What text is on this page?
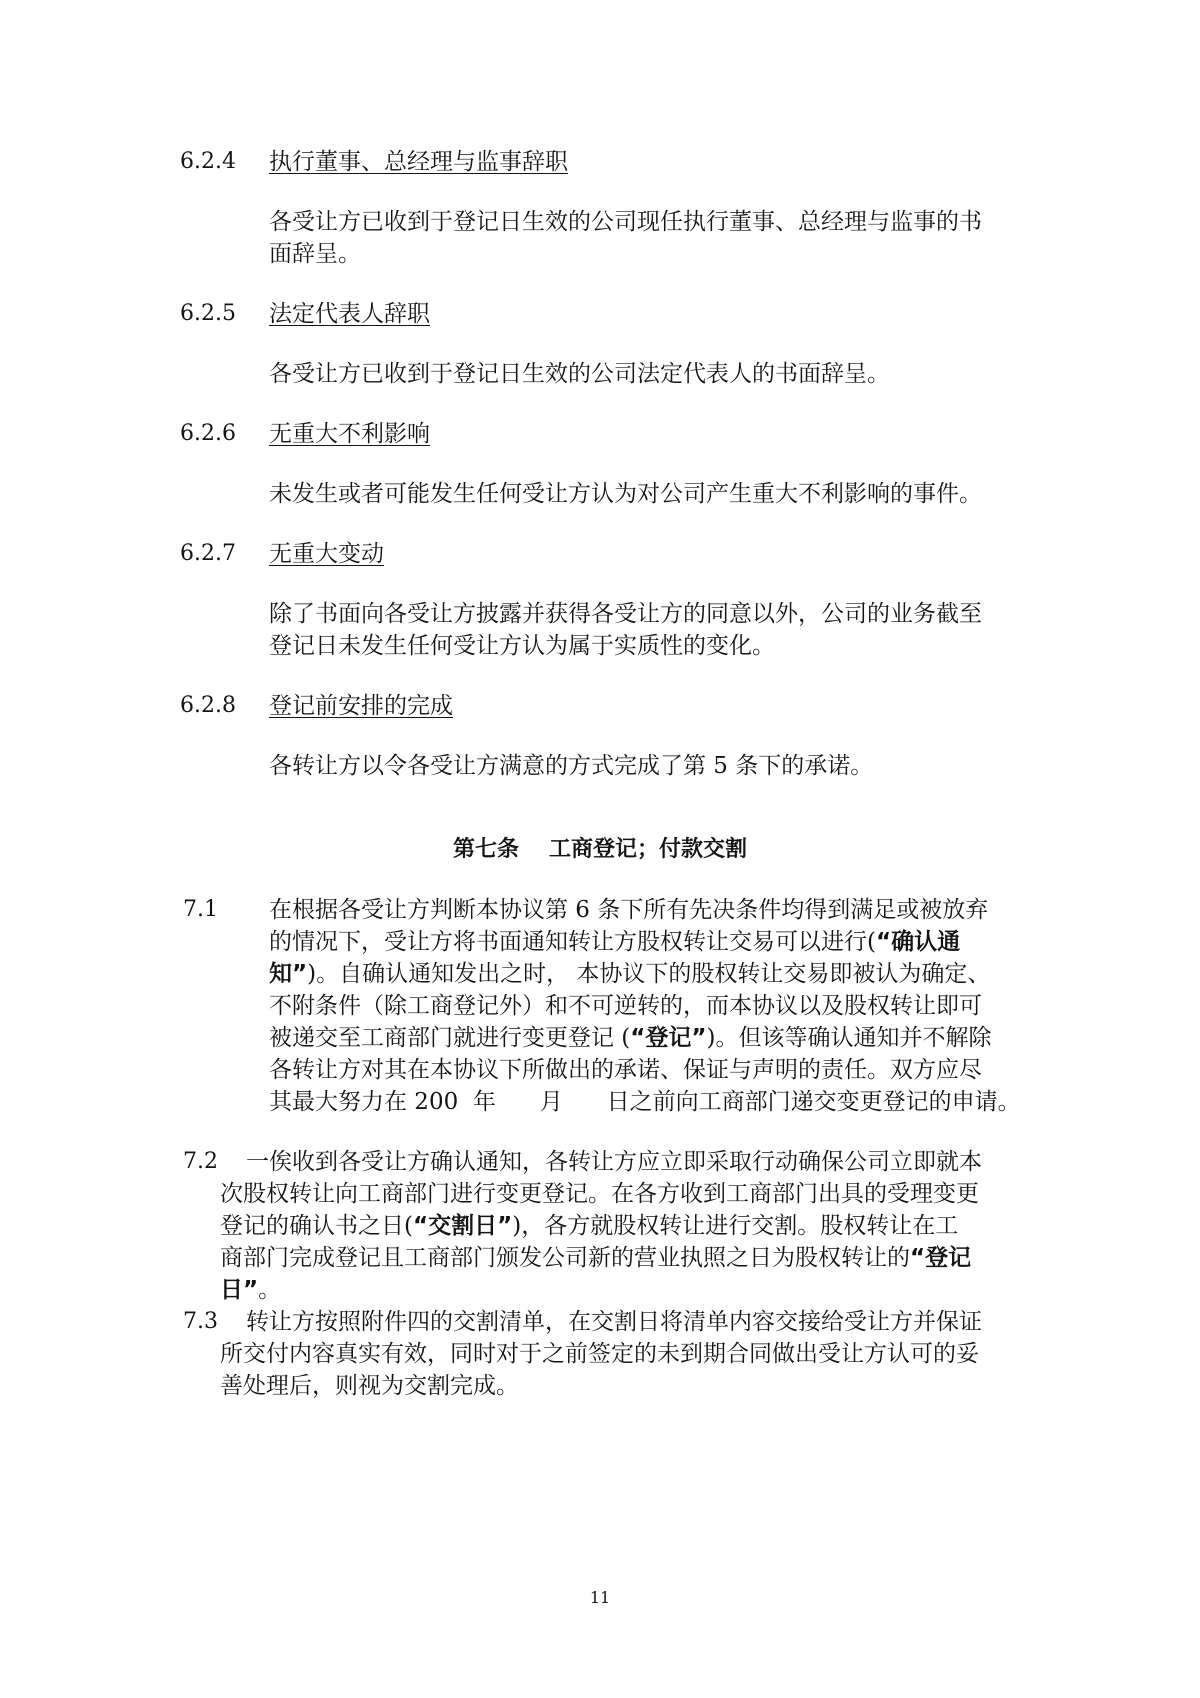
6.2.4 执行董事、总经理与监事辞职
各受让方已收到于登记日生效的公司现任执行董事、总经理与监事的书
面辞呈。
6.2.5 法定代表人辞职
各受让方已收到于登记日生效的公司法定代表人的书面辞呈。
6.2.6 无重大不利影响
未发生或者可能发生任何受让方认为对公司产生重大不利影响的事件。
6.2.7 无重大变动
除了书面向各受让方披露并获得各受让方的同意以外，公司的业务截至
登记日未发生任何受让方认为属于实质性的变化。
6.2.8 登记前安排的完成
各转让方以令各受让方满意的方式完成了第 5 条下的承诺。
第七条 工商登记；付款交割
7.1 在根据各受让方判断本协议第 6 条下所有先决条件均得到满足或被放弃
的情况下，受让方将书面通知转让方股权转让交易可以进行(“确认通
知”)。自确认通知发出之时， 本协议下的股权转让交易即被认为确定、
不附条件（除工商登记外）和不可逆转的，而本协议以及股权转让即可
被递交至工商部门就进行变更登记 (“登记”)。但该等确认通知并不解除
各转让方对其在本协议下所做出的承诺、保证与声明的责任。双方应尽
其最大努力在 200  年      月      日之前向工商部门递交变更登记的申请。
7.2 一俟收到各受让方确认通知，各转让方应立即采取行动确保公司立即就本
次股权转让向工商部门进行变更登记。在各方收到工商部门出具的受理变更
登记的确认书之日(“交割日”)，各方就股权转让进行交割。股权转让在工
商部门完成登记且工商部门颁发公司新的营业执照之日为股权转让的“登记
日”。
7.3 转让方按照附件四的交割清单，在交割日将清单内容交接给受让方并保证
所交付内容真实有效，同时对于之前签定的未到期合同做出受让方认可的妥
善处理后，则视为交割完成。
11
